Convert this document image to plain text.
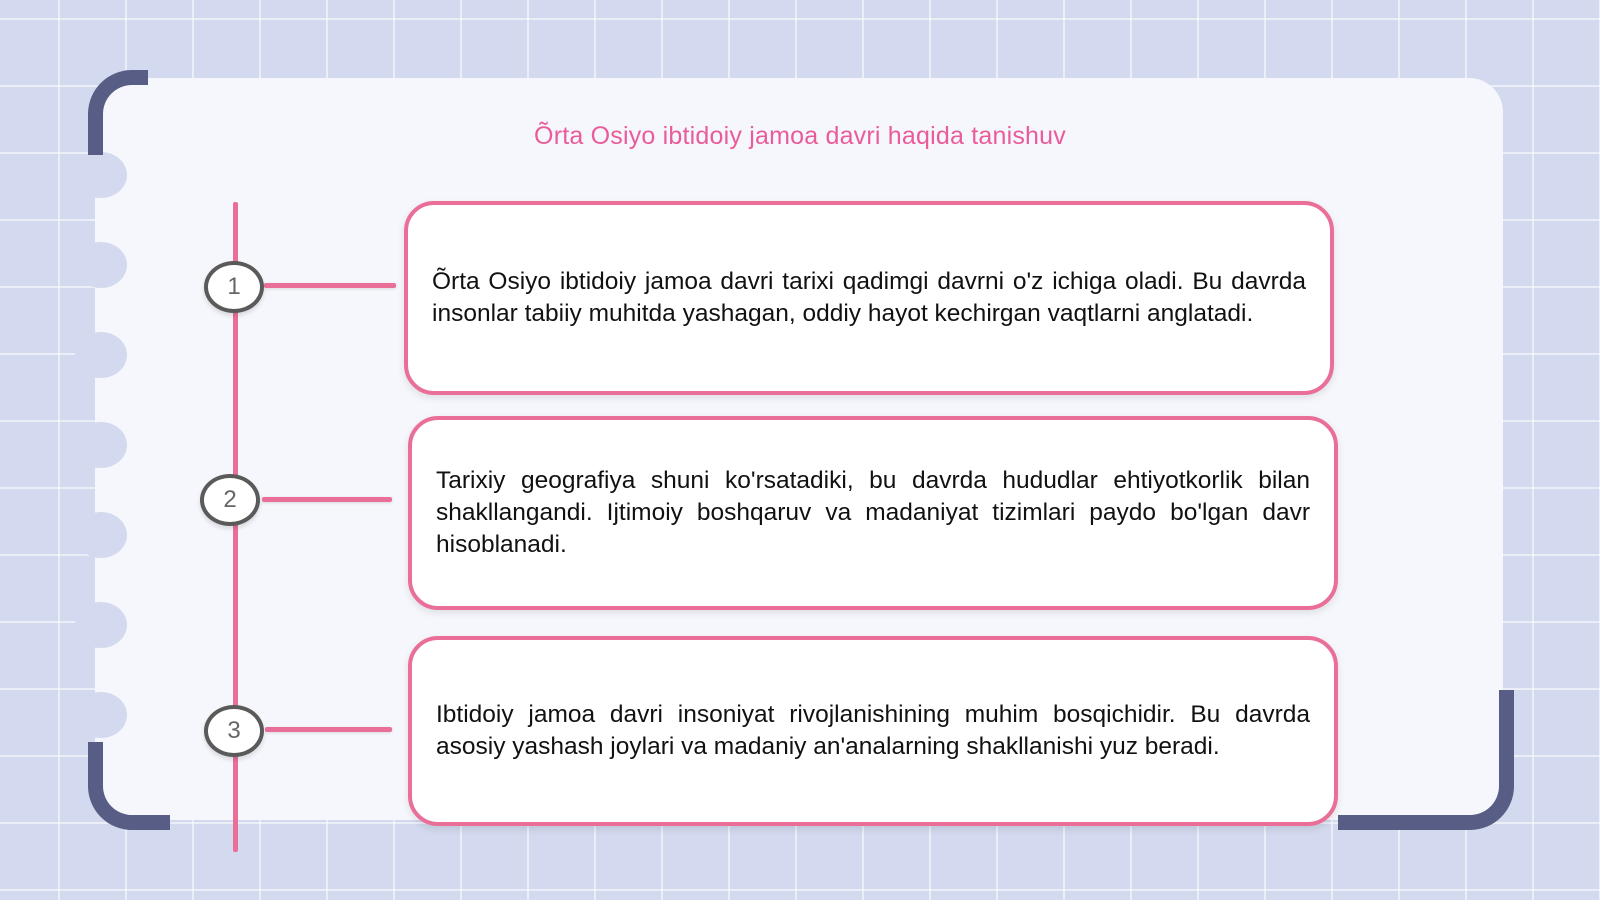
Õrta Osiyo ibtidoiy jamoa davri haqida tanishuv
1
2
3

Õrta Osiyo ibtidoiy jamoa davri tarixi qadimgi davrni o'z ichiga oladi. Bu davrda insonlar tabiiy muhitda yashagan, oddiy hayot kechirgan vaqtlarni anglatadi.

Tarixiy geografiya shuni ko'rsatadiki, bu davrda hududlar ehtiyotkorlik bilan shakllangandi. Ijtimoiy boshqaruv va madaniyat tizimlari paydo bo'lgan davr hisoblanadi.

Ibtidoiy jamoa davri insoniyat rivojlanishining muhim bosqichidir. Bu davrda asosiy yashash joylari va madaniy an'analarning shakllanishi yuz beradi.
